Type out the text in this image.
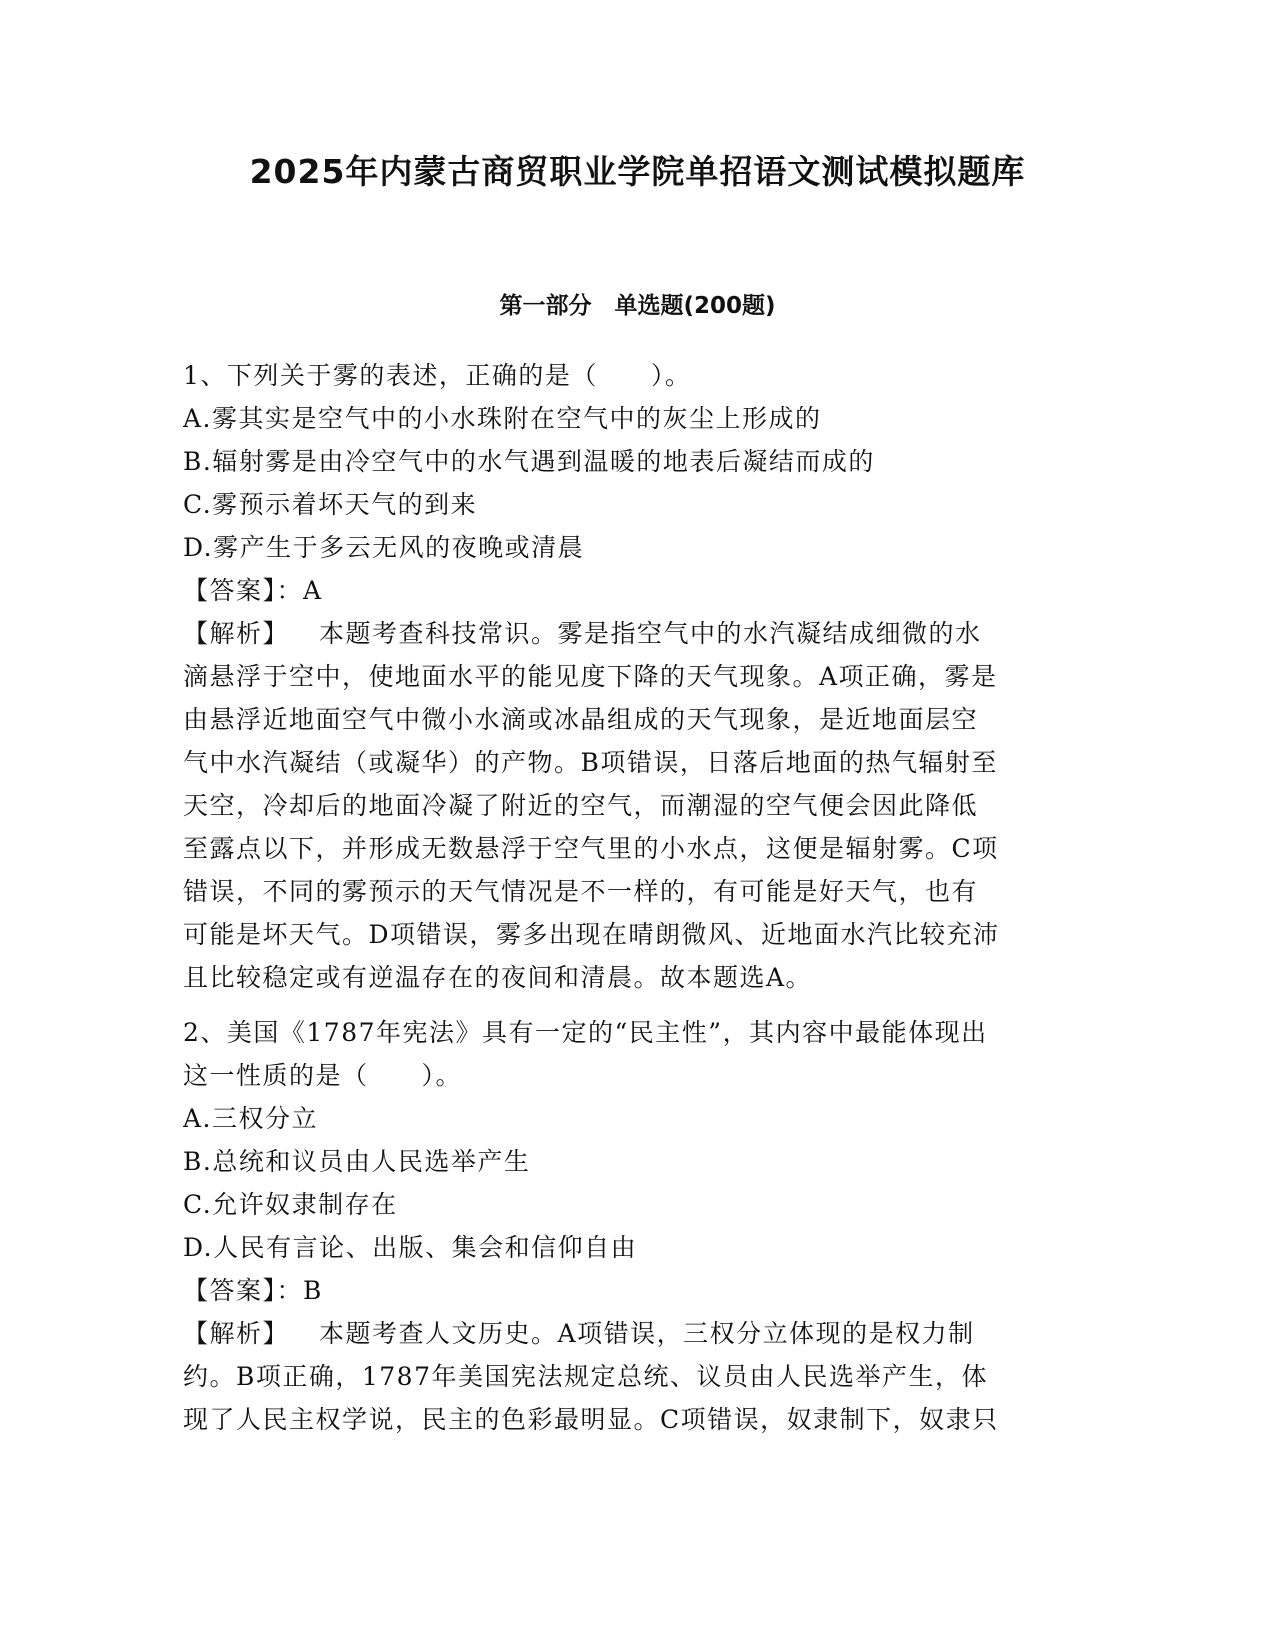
2025年内蒙古商贸职业学院单招语文测试模拟题库
第一部分　单选题(200题)

1、下列关于雾的表述，正确的是（　　）。

A.雾其实是空气中的小水珠附在空气中的灰尘上形成的

B.辐射雾是由冷空气中的水气遇到温暖的地表后凝结而成的

C.雾预示着坏天气的到来

D.雾产生于多云无风的夜晚或清晨

【答案】：A

【解析】 本题考查科技常识。雾是指空气中的水汽凝结成细微的水

滴悬浮于空中，使地面水平的能见度下降的天气现象。A项正确，雾是

由悬浮近地面空气中微小水滴或冰晶组成的天气现象，是近地面层空

气中水汽凝结（或凝华）的产物。B项错误，日落后地面的热气辐射至

天空，冷却后的地面冷凝了附近的空气，而潮湿的空气便会因此降低

至露点以下，并形成无数悬浮于空气里的小水点，这便是辐射雾。C项

错误，不同的雾预示的天气情况是不一样的，有可能是好天气，也有

可能是坏天气。D项错误，雾多出现在晴朗微风、近地面水汽比较充沛

且比较稳定或有逆温存在的夜间和清晨。故本题选A。

2、美国《1787年宪法》具有一定的“民主性”，其内容中最能体现出

这一性质的是（　　）。

A.三权分立

B.总统和议员由人民选举产生

C.允许奴隶制存在

D.人民有言论、出版、集会和信仰自由

【答案】：B

【解析】 本题考查人文历史。A项错误，三权分立体现的是权力制

约。B项正确，1787年美国宪法规定总统、议员由人民选举产生，体

现了人民主权学说，民主的色彩最明显。C项错误，奴隶制下，奴隶只
